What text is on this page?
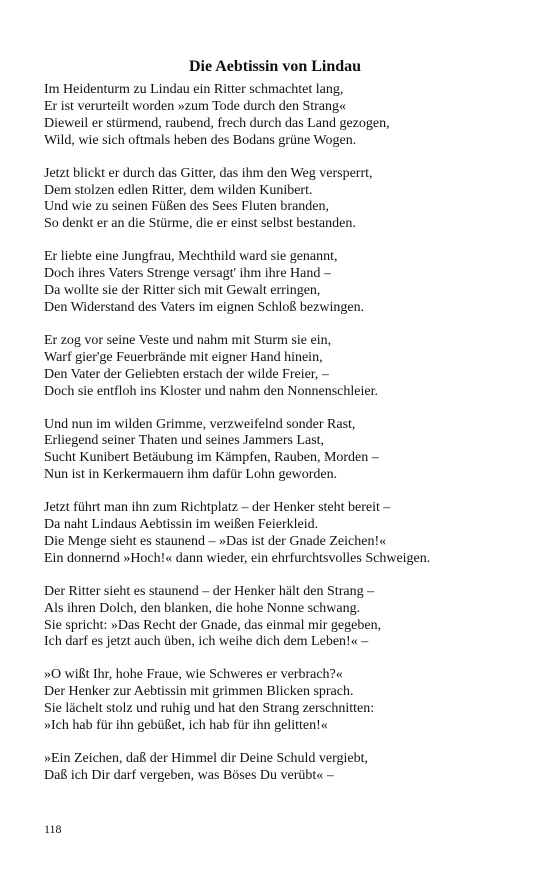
Die Aebtissin von Lindau
Im Heidenturm zu Lindau ein Ritter schmachtet lang,
Er ist verurteilt worden »zum Tode durch den Strang«
Dieweil er stürmend, raubend, frech durch das Land gezogen,
Wild, wie sich oftmals heben des Bodans grüne Wogen.
Jetzt blickt er durch das Gitter, das ihm den Weg versperrt,
Dem stolzen edlen Ritter, dem wilden Kunibert.
Und wie zu seinen Füßen des Sees Fluten branden,
So denkt er an die Stürme, die er einst selbst bestanden.
Er liebte eine Jungfrau, Mechthild ward sie genannt,
Doch ihres Vaters Strenge versagt' ihm ihre Hand –
Da wollte sie der Ritter sich mit Gewalt erringen,
Den Widerstand des Vaters im eignen Schloß bezwingen.
Er zog vor seine Veste und nahm mit Sturm sie ein,
Warf gier'ge Feuerbrände mit eigner Hand hinein,
Den Vater der Geliebten erstach der wilde Freier, –
Doch sie entfloh ins Kloster und nahm den Nonnenschleier.
Und nun im wilden Grimme, verzweifelnd sonder Rast,
Erliegend seiner Thaten und seines Jammers Last,
Sucht Kunibert Betäubung im Kämpfen, Rauben, Morden –
Nun ist in Kerkermauern ihm dafür Lohn geworden.
Jetzt führt man ihn zum Richtplatz – der Henker steht bereit –
Da naht Lindaus Aebtissin im weißen Feierkleid.
Die Menge sieht es staunend – »Das ist der Gnade Zeichen!«
Ein donnernd »Hoch!« dann wieder, ein ehrfurchtsvolles Schweigen.
Der Ritter sieht es staunend – der Henker hält den Strang –
Als ihren Dolch, den blanken, die hohe Nonne schwang.
Sie spricht: »Das Recht der Gnade, das einmal mir gegeben,
Ich darf es jetzt auch üben, ich weihe dich dem Leben!« –
»O wißt Ihr, hohe Fraue, wie Schweres er verbrach?«
Der Henker zur Aebtissin mit grimmen Blicken sprach.
Sie lächelt stolz und ruhig und hat den Strang zerschnitten:
»Ich hab für ihn gebüßet, ich hab für ihn gelitten!«
»Ein Zeichen, daß der Himmel dir Deine Schuld vergiebt,
Daß ich Dir darf vergeben, was Böses Du verübt« –
118
